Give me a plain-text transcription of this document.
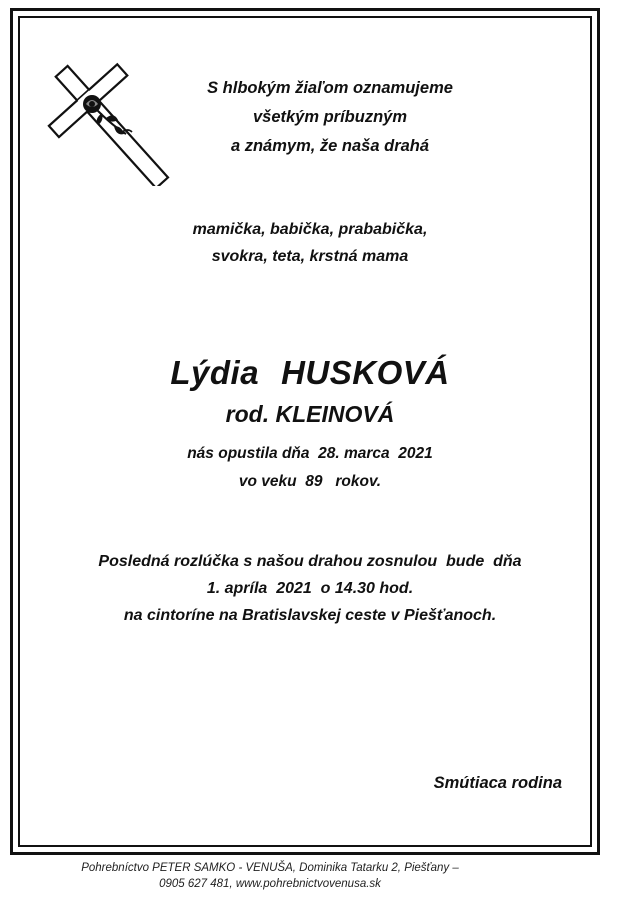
S hlbokým žiaľom oznamujeme
všetkým príbuzným
a známym, že naša drahá
mamička, babička, prababička,
svokra, teta, krstná mama
Lýdia HUSKOVÁ
rod. KLEINOVÁ
nás opustila dňa  28. marca  2021
vo veku  89   rokov.
Posledná rozlúčka s našou drahou zosnulou  bude  dňa
1. apríla  2021  o 14.30 hod.
na cintoríne na Bratislavskej ceste v Piešťanoch.
Smútiaca rodina
Pohrebníctvo PETER SAMKO - VENUŠA, Dominika Tatarku 2, Piešťany –
0905 627 481, www.pohrebnictvovenusa.sk
